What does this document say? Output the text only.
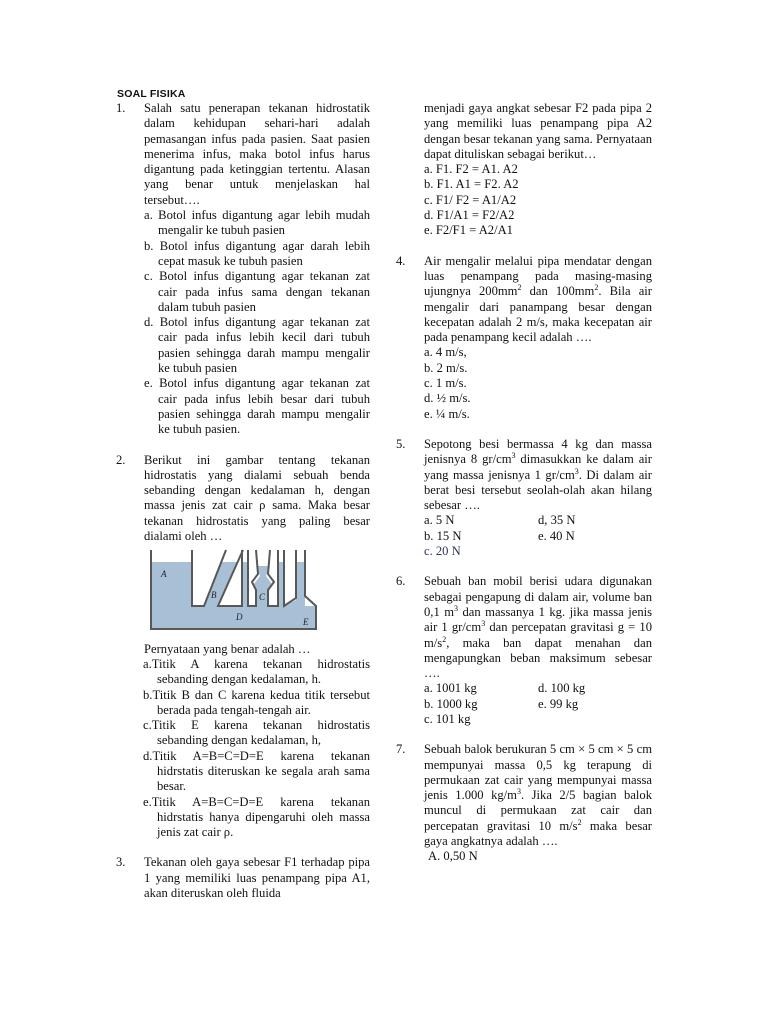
SOAL FISIKA
1.	Salah satu penerapan tekanan hidrostatik dalam kehidupan sehari-hari adalah pemasangan infus pada pasien. Saat pasien menerima infus, maka botol infus harus digantung pada ketinggian tertentu. Alasan yang benar untuk menjelaskan hal tersebut….
a. Botol infus digantung agar lebih mudah mengalir ke tubuh pasien
b. Botol infus digantung agar darah lebih cepat masuk ke tubuh pasien
c. Botol infus digantung agar tekanan zat cair pada infus sama dengan tekanan dalam tubuh pasien
d. Botol infus digantung agar tekanan zat cair pada infus lebih kecil dari tubuh pasien sehingga darah mampu mengalir ke tubuh pasien
e. Botol infus digantung agar tekanan zat cair pada infus lebih besar dari tubuh pasien sehingga darah mampu mengalir ke tubuh pasien.
2.	Berikut ini gambar tentang tekanan hidrostatis yang dialami sebuah benda sebanding dengan kedalaman h, dengan massa jenis zat cair ρ sama. Maka besar tekanan hidrostatis yang paling besar dialami oleh …
A
B	C
D	E
Pernyataan yang benar adalah …
a.Titik A karena tekanan hidrostatis sebanding dengan kedalaman, h.
b.Titik B dan C karena kedua titik tersebut berada pada tengah-tengah air.
c.Titik E karena tekanan hidrostatis sebanding dengan kedalaman, h,
d.Titik A=B=C=D=E karena tekanan hidrstatis diteruskan ke segala arah sama besar.
e.Titik A=B=C=D=E karena tekanan hidrstatis hanya dipengaruhi oleh massa jenis zat cair ρ.
3.	Tekanan oleh gaya sebesar F1 terhadap pipa 1 yang memiliki luas penampang pipa A1, akan diteruskan oleh fluida
menjadi gaya angkat sebesar F2 pada pipa 2 yang memiliki luas penampang pipa A2 dengan besar tekanan yang sama. Pernyataan dapat dituliskan sebagai berikut…
a. F1. F2 = A1. A2
b. F1. A1 = F2. A2
c. F1/ F2 = A1/A2
d. F1/A1 = F2/A2
e. F2/F1 = A2/A1
4.	Air mengalir melalui pipa mendatar dengan luas penampang pada masing-masing ujungnya $200mm^2$ dan $100mm^2$. Bila air mengalir dari panampang besar dengan kecepatan adalah 2 m/s, maka kecepatan air pada penampang kecil adalah ….
a. 4 m/s,
b. 2 m/s.
c. 1 m/s.
d. ½ m/s.
e. ¼ m/s.
5.	Sepotong besi bermassa 4 kg dan massa jenisnya 8 $gr/cm^3$ dimasukkan ke dalam air yang massa jenisnya 1 $gr/cm^3$. Di dalam air berat besi tersebut seolah-olah akan hilang sebesar ….
a. 5 N	d, 35 N
b. 15 N	e. 40 N
c. 20 N
6.	Sebuah ban mobil berisi udara digunakan sebagai pengapung di dalam air, volume ban 0,1 $m^3$ dan massanya 1 kg. jika massa jenis air 1 $gr/cm^3$ dan percepatan gravitasi g = 10 $m/s^2$, maka ban dapat menahan dan mengapungkan beban maksimum sebesar ….
a. 1001 kg	d. 100 kg
b. 1000 kg	e. 99 kg
c. 101 kg
7.	Sebuah balok berukuran 5 cm × 5 cm × 5 cm mempunyai massa 0,5 kg terapung di permukaan zat cair yang mempunyai massa jenis 1.000 $kg/m^3$. Jika 2/5 bagian balok muncul di permukaan zat cair dan percepatan gravitasi 10 $m/s^2$ maka besar gaya angkatnya adalah ….
A. 0,50 N
